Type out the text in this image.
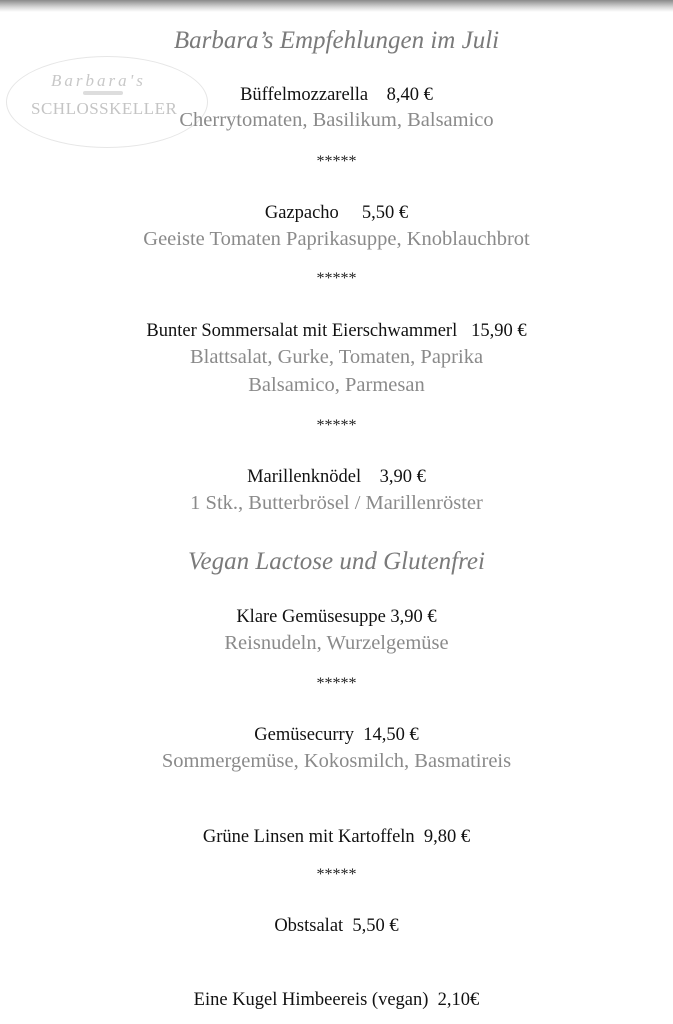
Barbara's
SCHLOSSKELLER
Barbara’s Empfehlungen im Juli
Büffelmozzarella    8,40 €
Cherrytomaten, Basilikum, Balsamico
*****
Gazpacho     5,50 €
Geeiste Tomaten Paprikasuppe, Knoblauchbrot
*****
Bunter Sommersalat mit Eierschwammerl   15,90 €
Blattsalat, Gurke, Tomaten, Paprika
Balsamico, Parmesan
*****
Marillenknödel    3,90 €
1 Stk., Butterbrösel / Marillenröster
Vegan Lactose und Glutenfrei
Klare Gemüsesuppe 3,90 €
Reisnudeln, Wurzelgemüse
*****
Gemüsecurry  14,50 €
Sommergemüse, Kokosmilch, Basmatireis
Grüne Linsen mit Kartoffeln  9,80 €
*****
Obstsalat  5,50 €
Eine Kugel Himbeereis (vegan)  2,10€
